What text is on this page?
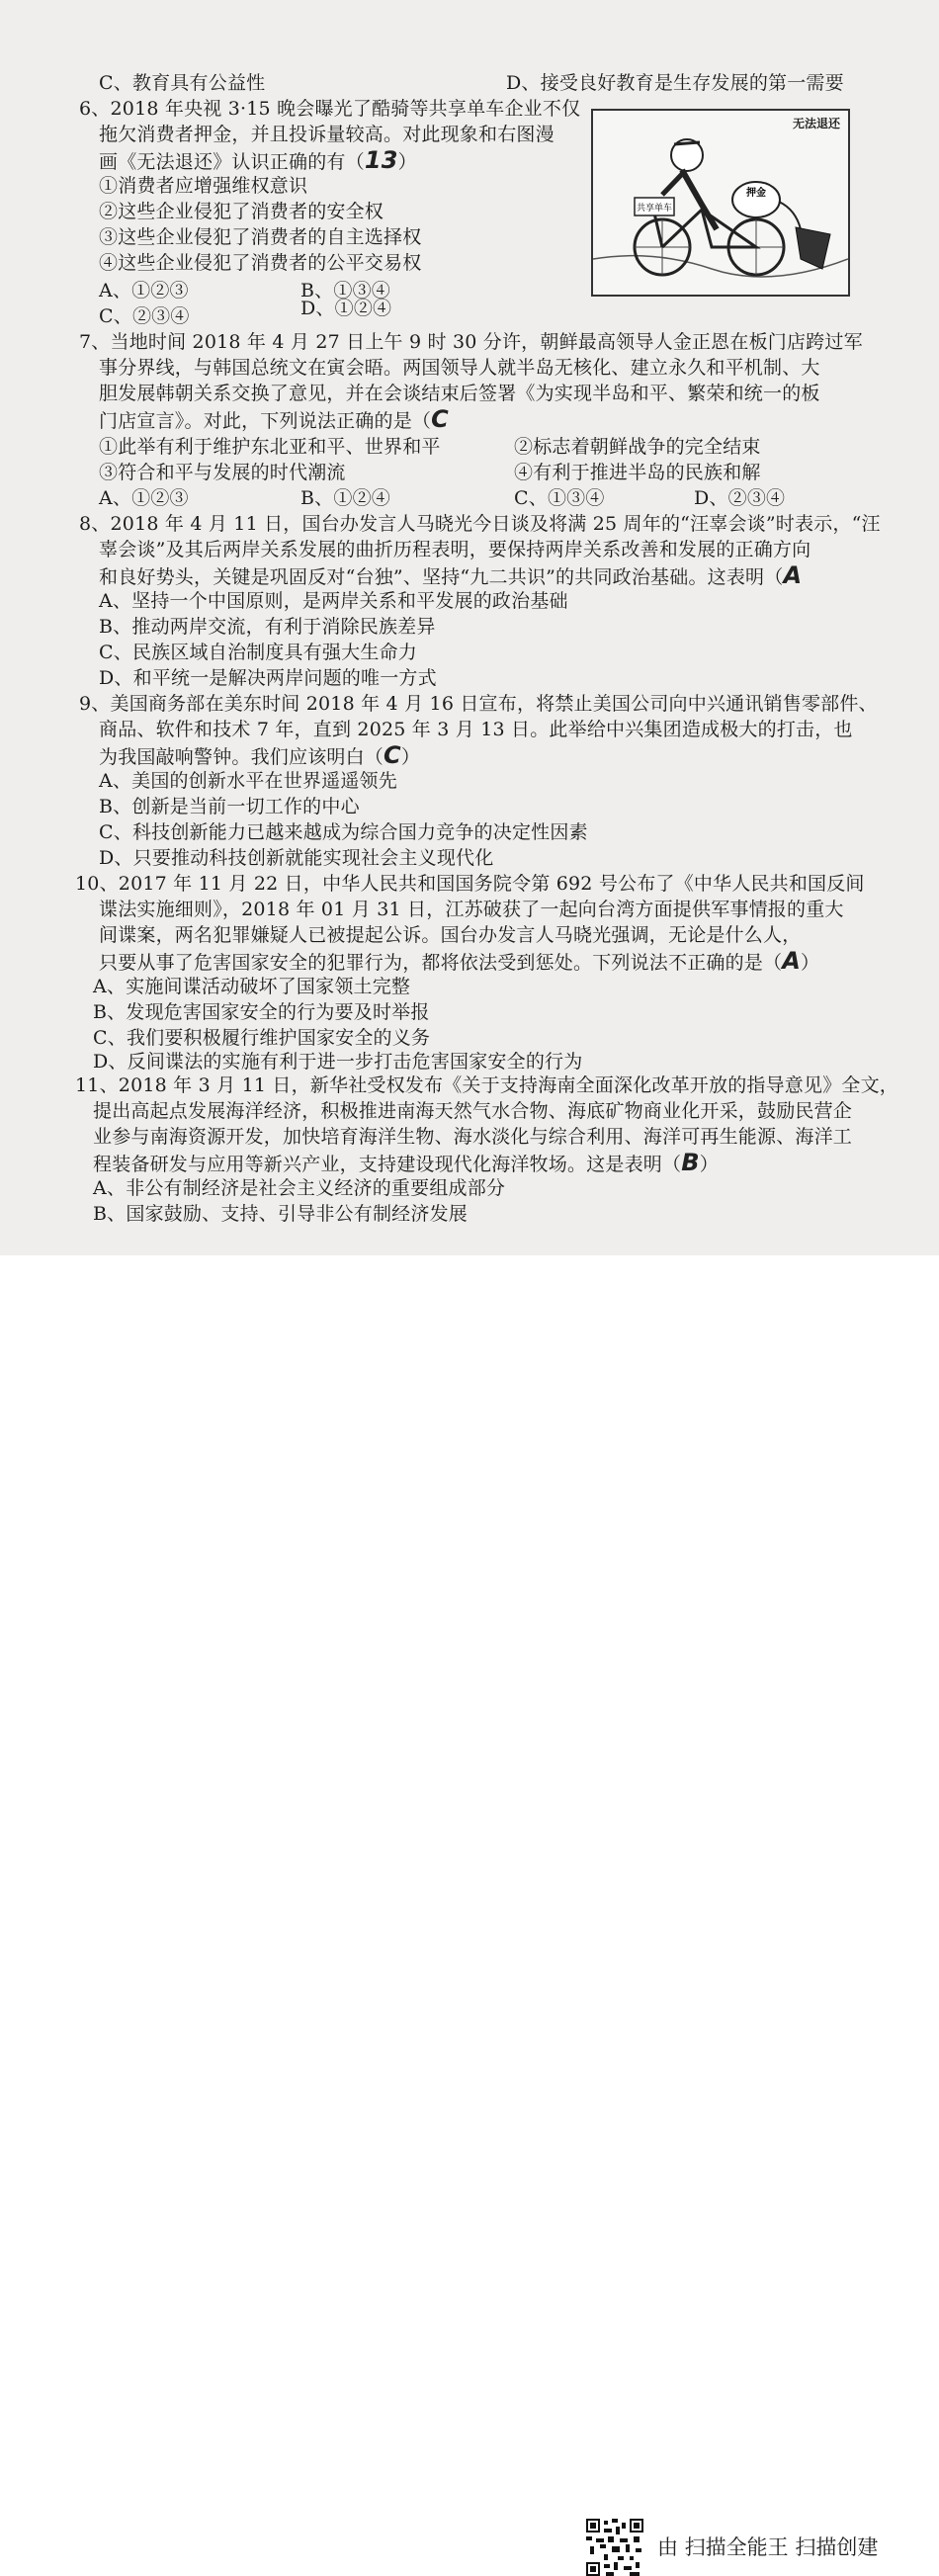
C、教育具有公益性	D、接受良好教育是生存发展的第一需要
6、2018 年央视 3·15 晚会曝光了酷骑等共享单车企业不仅
拖欠消费者押金，并且投诉量较高。对此现象和右图漫
画《无法退还》认识正确的有（13）
①消费者应增强维权意识
②这些企业侵犯了消费者的安全权
③这些企业侵犯了消费者的自主选择权
④这些企业侵犯了消费者的公平交易权
A、①②③	B、①③④
C、②③④	D、①②④
无法退还
共享单车
押金
7、当地时间 2018 年 4 月 27 日上午 9 时 30 分许，朝鲜最高领导人金正恩在板门店跨过军
事分界线，与韩国总统文在寅会晤。两国领导人就半岛无核化、建立永久和平机制、大
胆发展韩朝关系交换了意见，并在会谈结束后签署《为实现半岛和平、繁荣和统一的板
门店宣言》。对此，下列说法正确的是（C
①此举有利于维护东北亚和平、世界和平	②标志着朝鲜战争的完全结束
③符合和平与发展的时代潮流	④有利于推进半岛的民族和解
A、①②③	B、①②④	C、①③④	D、②③④
8、2018 年 4 月 11 日，国台办发言人马晓光今日谈及将满 25 周年的“汪辜会谈”时表示，“汪
辜会谈”及其后两岸关系发展的曲折历程表明，要保持两岸关系改善和发展的正确方向
和良好势头，关键是巩固反对“台独”、坚持“九二共识”的共同政治基础。这表明（A
A、坚持一个中国原则，是两岸关系和平发展的政治基础
B、推动两岸交流，有利于消除民族差异
C、民族区域自治制度具有强大生命力
D、和平统一是解决两岸问题的唯一方式
9、美国商务部在美东时间 2018 年 4 月 16 日宣布，将禁止美国公司向中兴通讯销售零部件、
商品、软件和技术 7 年，直到 2025 年 3 月 13 日。此举给中兴集团造成极大的打击，也
为我国敲响警钟。我们应该明白（C）
A、美国的创新水平在世界遥遥领先
B、创新是当前一切工作的中心
C、科技创新能力已越来越成为综合国力竞争的决定性因素
D、只要推动科技创新就能实现社会主义现代化
10、2017 年 11 月 22 日，中华人民共和国国务院令第 692 号公布了《中华人民共和国反间
谍法实施细则》，2018 年 01 月 31 日，江苏破获了一起向台湾方面提供军事情报的重大
间谍案，两名犯罪嫌疑人已被提起公诉。国台办发言人马晓光强调，无论是什么人，
只要从事了危害国家安全的犯罪行为，都将依法受到惩处。下列说法不正确的是（A）
A、实施间谍活动破坏了国家领土完整
B、发现危害国家安全的行为要及时举报
C、我们要积极履行维护国家安全的义务
D、反间谍法的实施有利于进一步打击危害国家安全的行为
11、2018 年 3 月 11 日，新华社受权发布《关于支持海南全面深化改革开放的指导意见》全文，
提出高起点发展海洋经济，积极推进南海天然气水合物、海底矿物商业化开采，鼓励民营企
业参与南海资源开发，加快培育海洋生物、海水淡化与综合利用、海洋可再生能源、海洋工
程装备研发与应用等新兴产业，支持建设现代化海洋牧场。这是表明（B）
A、非公有制经济是社会主义经济的重要组成部分
B、国家鼓励、支持、引导非公有制经济发展
由 扫描全能王 扫描创建
